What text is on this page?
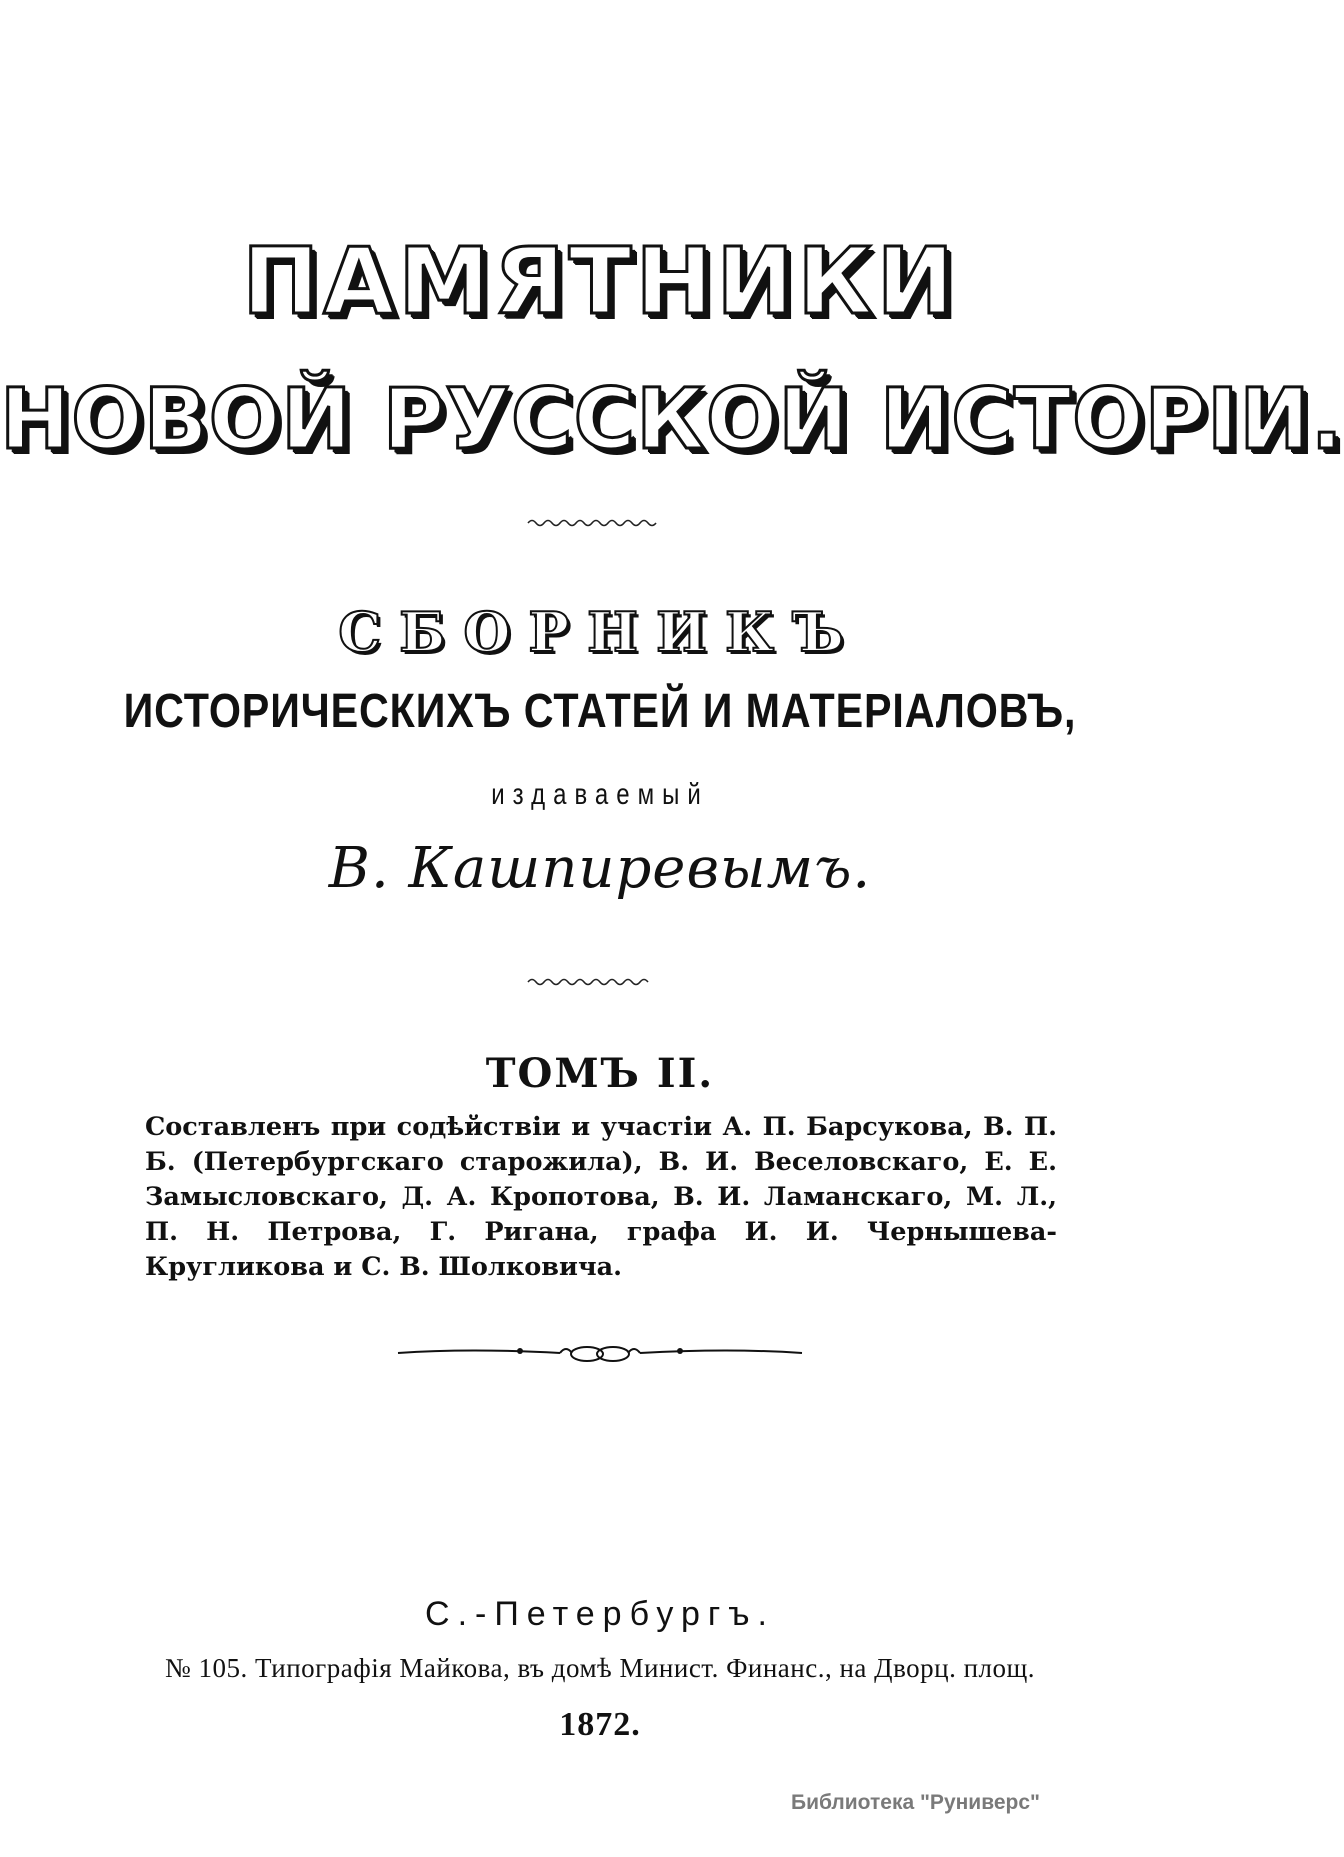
ПАМЯТНИКИ
НОВОЙ РУССКОЙ ИСТОРІИ.
СБОРНИКЪ
ИСТОРИЧЕСКИХЪ СТАТЕЙ И МАТЕРІАЛОВЪ,
издаваемый
В. Кашпиревымъ.
ТОМЪ II.
Составленъ при содѣйствіи и участіи А. П. Барсукова, В. П. Б. (Петербургскаго старожила), В. И. Веселовскаго, Е. Е. Замысловскаго, Д. А. Кропотова, В. И. Ламанскаго, М. Л., П. Н. Петрова, Г. Ригана, графа И. И. Чернышева-Кругликова и С. В. Шолковича.
С.-Петербургъ.
№ 105. Типографія Майкова, въ домѣ Минист. Финанс., на Дворц. площ.
1872.
Библиотека "Руниверс"
